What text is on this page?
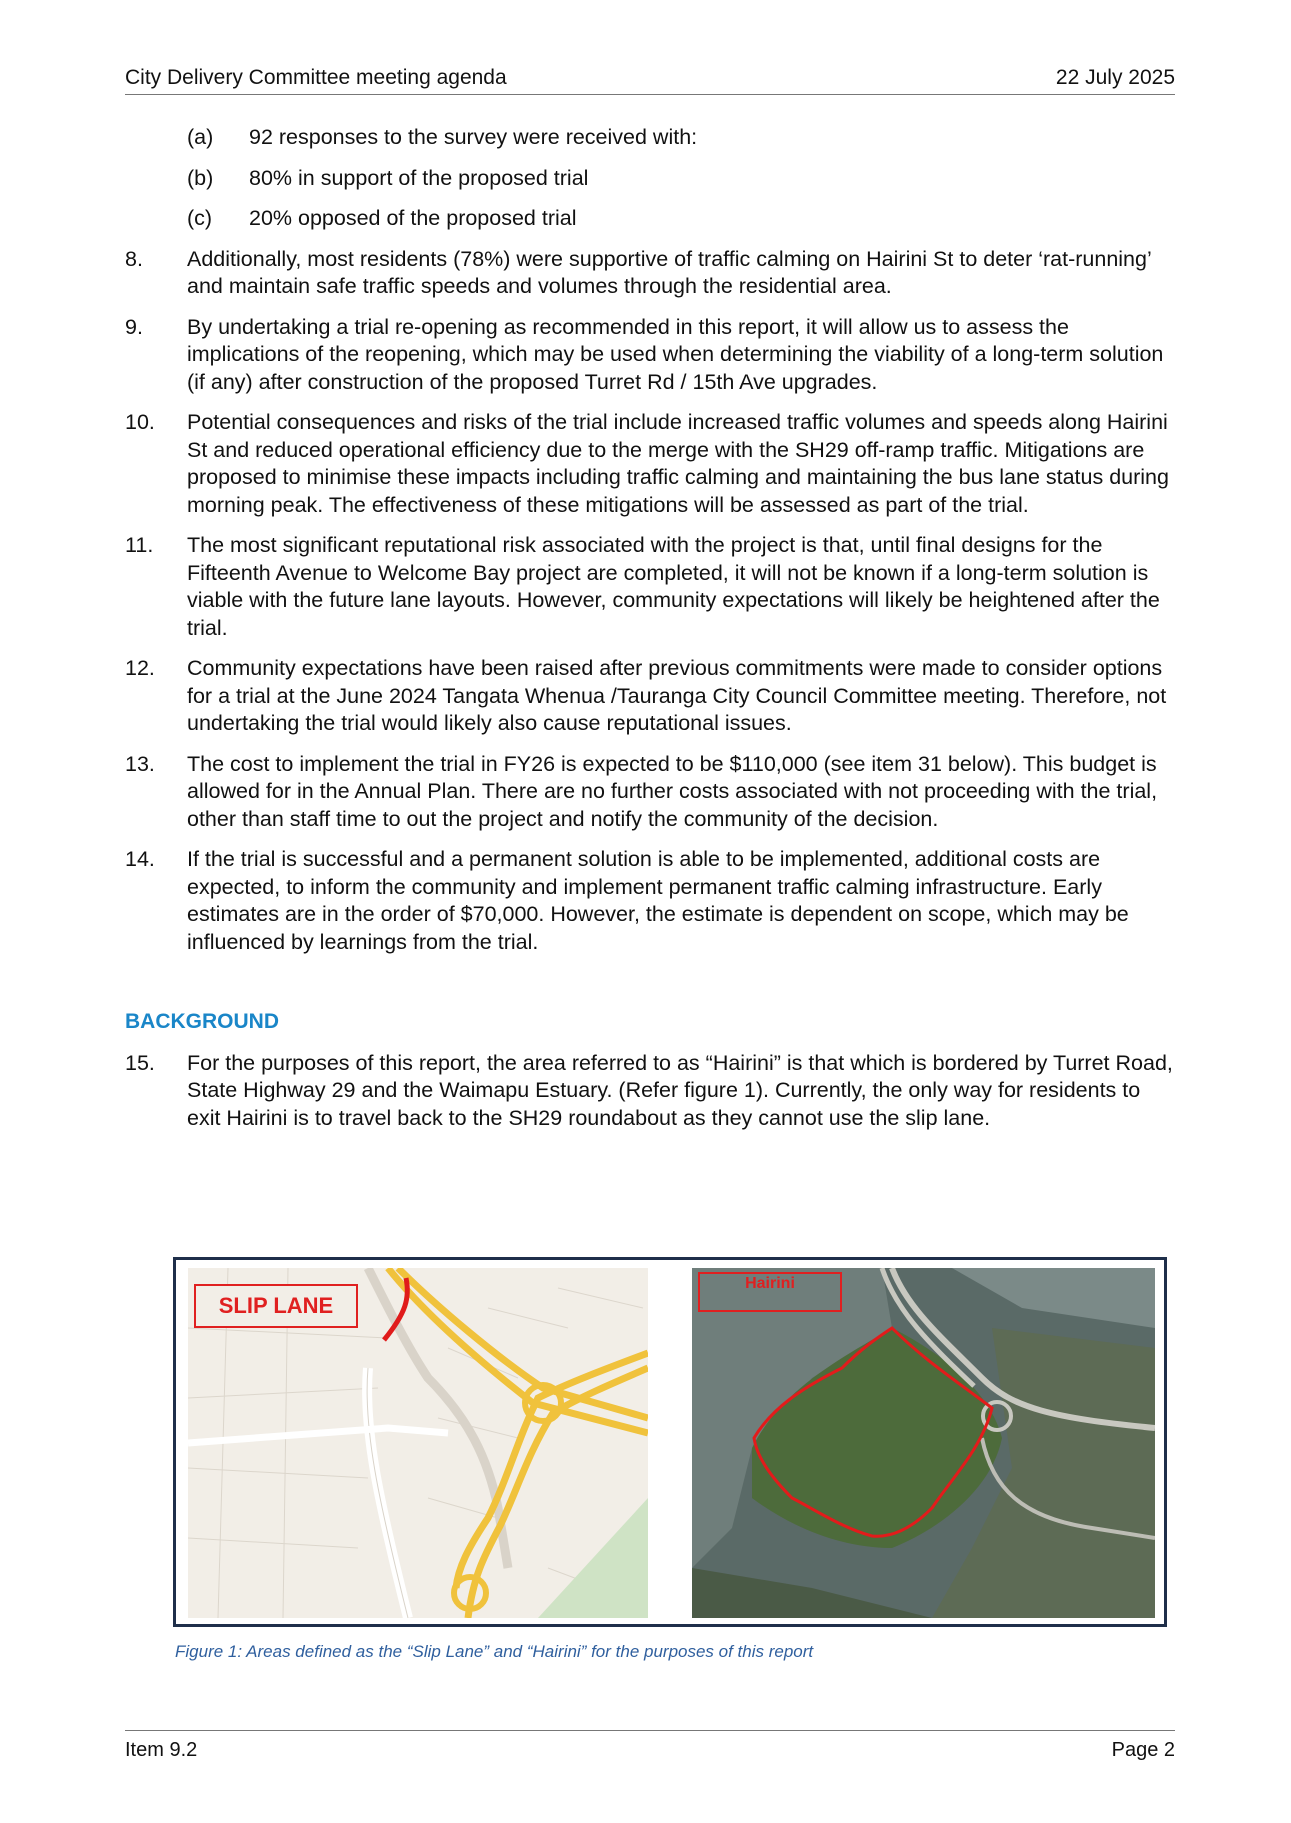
City Delivery Committee meeting agenda	22 July 2025
(a)	92 responses to the survey were received with:
(b)	80% in support of the proposed trial
(c)	20% opposed of the proposed trial
8.	Additionally, most residents (78%) were supportive of traffic calming on Hairini St to deter ‘rat-running’ and maintain safe traffic speeds and volumes through the residential area.
9.	By undertaking a trial re-opening as recommended in this report, it will allow us to assess the implications of the reopening, which may be used when determining the viability of a long-term solution (if any) after construction of the proposed Turret Rd / 15th Ave upgrades.
10.	Potential consequences and risks of the trial include increased traffic volumes and speeds along Hairini St and reduced operational efficiency due to the merge with the SH29 off-ramp traffic. Mitigations are proposed to minimise these impacts including traffic calming and maintaining the bus lane status during morning peak. The effectiveness of these mitigations will be assessed as part of the trial.
11.	The most significant reputational risk associated with the project is that, until final designs for the Fifteenth Avenue to Welcome Bay project are completed, it will not be known if a long-term solution is viable with the future lane layouts. However, community expectations will likely be heightened after the trial.
12.	Community expectations have been raised after previous commitments were made to consider options for a trial at the June 2024 Tangata Whenua /Tauranga City Council Committee meeting. Therefore, not undertaking the trial would likely also cause reputational issues.
13.	The cost to implement the trial in FY26 is expected to be $110,000 (see item 31 below). This budget is allowed for in the Annual Plan. There are no further costs associated with not proceeding with the trial, other than staff time to out the project and notify the community of the decision.
14.	If the trial is successful and a permanent solution is able to be implemented, additional costs are expected, to inform the community and implement permanent traffic calming infrastructure. Early estimates are in the order of $70,000. However, the estimate is dependent on scope, which may be influenced by learnings from the trial.
BACKGROUND
15.	For the purposes of this report, the area referred to as “Hairini” is that which is bordered by Turret Road, State Highway 29 and the Waimapu Estuary. (Refer figure 1). Currently, the only way for residents to exit Hairini is to travel back to the SH29 roundabout as they cannot use the slip lane.
SLIP LANE
Hairini
Figure 1: Areas defined as the “Slip Lane” and “Hairini” for the purposes of this report
Item 9.2	Page 2
